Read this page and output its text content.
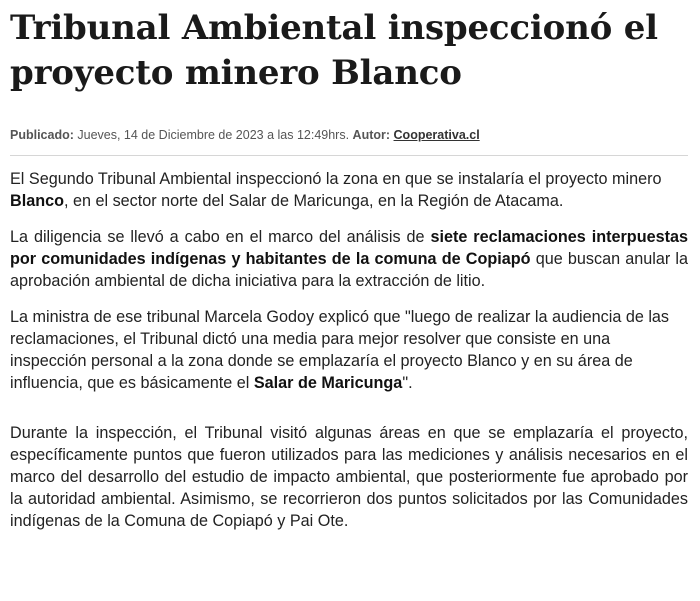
Tribunal Ambiental inspeccionó el proyecto minero Blanco
Publicado: Jueves, 14 de Diciembre de 2023 a las 12:49hrs. Autor: Cooperativa.cl

El Segundo Tribunal Ambiental inspeccionó la zona en que se instalaría el proyecto minero Blanco, en el sector norte del Salar de Maricunga, en la Región de Atacama.

La diligencia se llevó a cabo en el marco del análisis de siete reclamaciones interpuestas por comunidades indígenas y habitantes de la comuna de Copiapó que buscan anular la aprobación ambiental de dicha iniciativa para la extracción de litio.

La ministra de ese tribunal Marcela Godoy explicó que "luego de realizar la audiencia de las reclamaciones, el Tribunal dictó una media para mejor resolver que consiste en una inspección personal a la zona donde se emplazaría el proyecto Blanco y en su área de influencia, que es básicamente el Salar de Maricunga".

Durante la inspección, el Tribunal visitó algunas áreas en que se emplazaría el proyecto, específicamente puntos que fueron utilizados para las mediciones y análisis necesarios en el marco del desarrollo del estudio de impacto ambiental, que posteriormente fue aprobado por la autoridad ambiental. Asimismo, se recorrieron dos puntos solicitados por las Comunidades indígenas de la Comuna de Copiapó y Pai Ote.
